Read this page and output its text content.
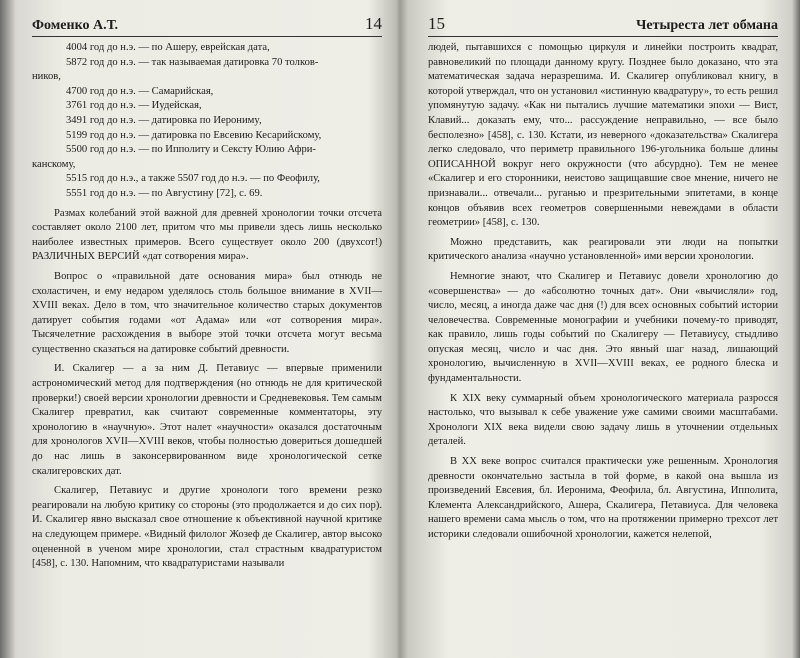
Фоменко А.Т.	14

4004 год до н.э. — по Ашеру, еврейская дата,

5872 год до н.э. — так называемая датировка 70 толков-

ников,

4700 год до н.э. — Самарийская,

3761 год до н.э. — Иудейская,

3491 год до н.э. — датировка по Иеронимy,

5199 год до н.э. — датировка по Евсевию Кесарийскому,

5500 год до н.э. — по Ипполиту и Сексту Юлию Афри-

канскому,

5515 год до н.э., а также 5507 год до н.э. — по Феофилу,

5551 год до н.э. — по Августину [72], с. 69.

Размах колебаний этой важной для древней хронологии точки отсчета составляет около 2100 лет, притом что мы привели здесь лишь несколько наиболее известных примеров. Всего существует около 200 (двухсот!) РАЗЛИЧНЫХ ВЕРСИЙ «дат сотворения мира».

Вопрос о «правильной дате основания мира» был отнюдь не схоластичен, и ему недаром уделялось столь большое внимание в XVII—XVIII веках. Дело в том, что значительное количество старых документов датирует события годами «от Адама» или «от сотворения мира». Тысячелетние расхождения в выборе этой точки отсчета могут весьма существенно сказаться на датировке событий древности.

И. Скалигер — а за ним Д. Петавиус — впервые применили астрономический метод для подтверждения (но отнюдь не для критической проверки!) своей версии хронологии древности и Средневековья. Тем самым Скалигер превратил, как считают современные комментаторы, эту хронологию в «научную». Этот налет «научности» оказался достаточным для хронологов XVII—XVIII веков, чтобы полностью довериться дошедшей до нас лишь в законсервированном виде хронологической сетке скалигеровских дат.

Скалигер, Петавиус и другие хронологи того времени резко реагировали на любую критику со стороны (это продолжается и до сих пор). И. Скалигер явно высказал свое отношение к объективной научной критике на следующем примере. «Видный филолог Жозеф де Скалигер, автор высоко оцененной в ученом мире хронологии, стал страстным квадратуристом [458], с. 130. Напомним, что квадратуристами называли

15	Четыреста лет обмана

людей, пытавшихся с помощью циркуля и линейки построить квадрат, равновеликий по площади данному кругу. Позднее было доказано, что эта математическая задача неразрешима. И. Скалигер опубликовал книгу, в которой утверждал, что он установил «истинную квадратуру», то есть решил упомянутую задачу. «Как ни пытались лучшие математики эпохи — Вист, Клавий... доказать ему, что... рассуждение неправильно, — все было бесполезно» [458], с. 130. Кстати, из неверного «доказательства» Скалигера легко следовало, что периметр правильного 196-угольника больше длины ОПИСАННОЙ вокруг него окружности (что абсурдно). Тем не менее «Скалигер и его сторонники, неистово защищавшие свое мнение, ничего не признавали... отвечали... руганью и презрительными эпитетами, в конце концов объявив всех геометров совершенными невеждами в области геометрии» [458], с. 130.

Можно представить, как реагировали эти люди на попытки критического анализа «научно установленной» ими версии хронологии.

Немногие знают, что Скалигер и Петавиус довели хронологию до «совершенства» — до «абсолютно точных дат». Они «вычисляли» год, число, месяц, а иногда даже час дня (!) для всех основных событий истории человечества. Современные монографии и учебники почему-то приводят, как правило, лишь годы событий по Скалигеру — Петавиусу, стыдливо опуская месяц, число и час дня. Это явный шаг назад, лишающий хронологию, вычисленную в XVII—XVIII веках, ее родного блеска и фундаментальности.

К XIX веку суммарный объем хронологического материала разросся настолько, что вызывал к себе уважение уже самими своими масштабами. Хронологи XIX века видели свою задачу лишь в уточнении отдельных деталей.

В XX веке вопрос считался практически уже решенным. Хронология древности окончательно застыла в той форме, в какой она вышла из произведений Евсевия, бл. Иеронима, Феофила, бл. Августина, Ипполита, Клемента Александрийского, Ашера, Скалигера, Петавиуса. Для человека нашего времени сама мысль о том, что на протяжении примерно трехсот лет историки следовали ошибочной хронологии, кажется нелепой,
